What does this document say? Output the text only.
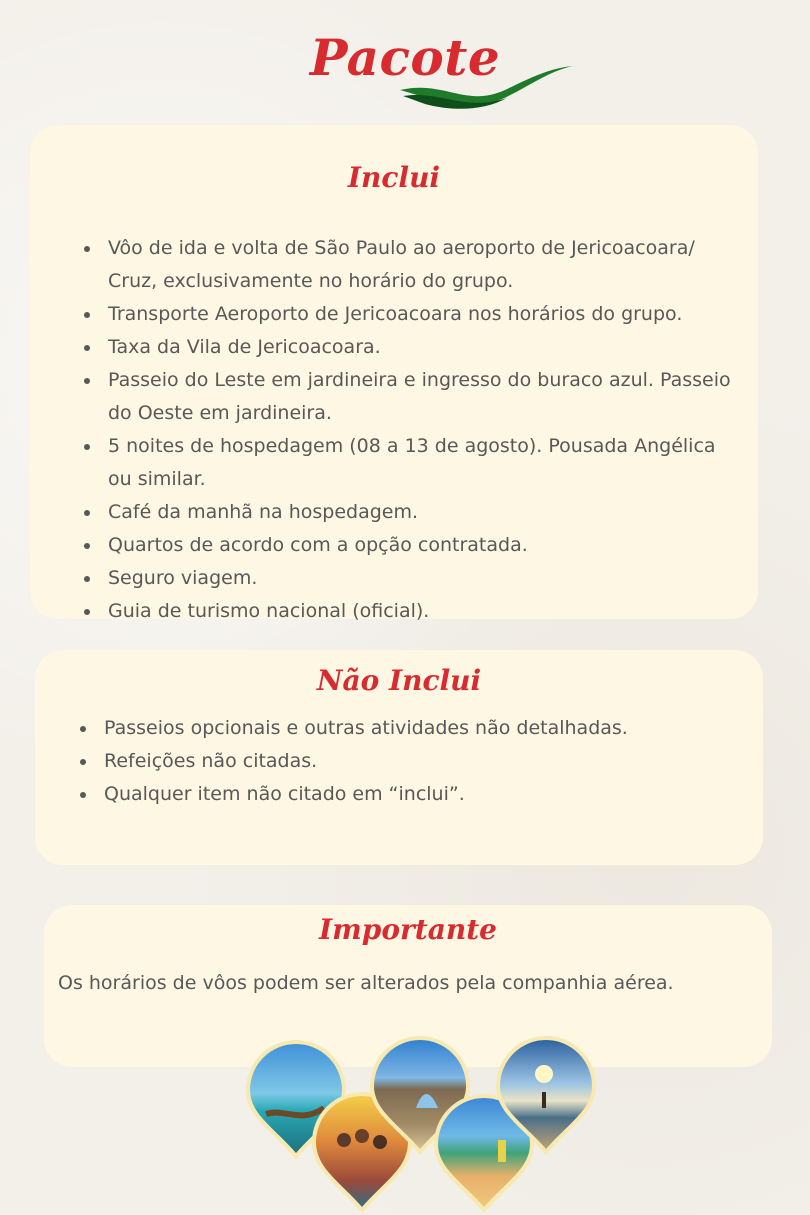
Pacote
Inclui
Vôo de ida e volta de São Paulo ao aeroporto de Jericoacoara/ Cruz, exclusivamente no horário do grupo.
Transporte Aeroporto de Jericoacoara nos horários do grupo.
Taxa da Vila de Jericoacoara.
Passeio do Leste em jardineira e ingresso do buraco azul. Passeio do Oeste em jardineira.
5 noites de hospedagem (08 a 13 de agosto). Pousada Angélica ou similar.
Café da manhã na hospedagem.
Quartos de acordo com a opção contratada.
Seguro viagem.
Guia de turismo nacional (oficial).
Não Inclui
Passeios opcionais e outras atividades não detalhadas.
Refeições não citadas.
Qualquer item não citado em “inclui”.
Importante
Os horários de vôos podem ser alterados pela companhia aérea.
